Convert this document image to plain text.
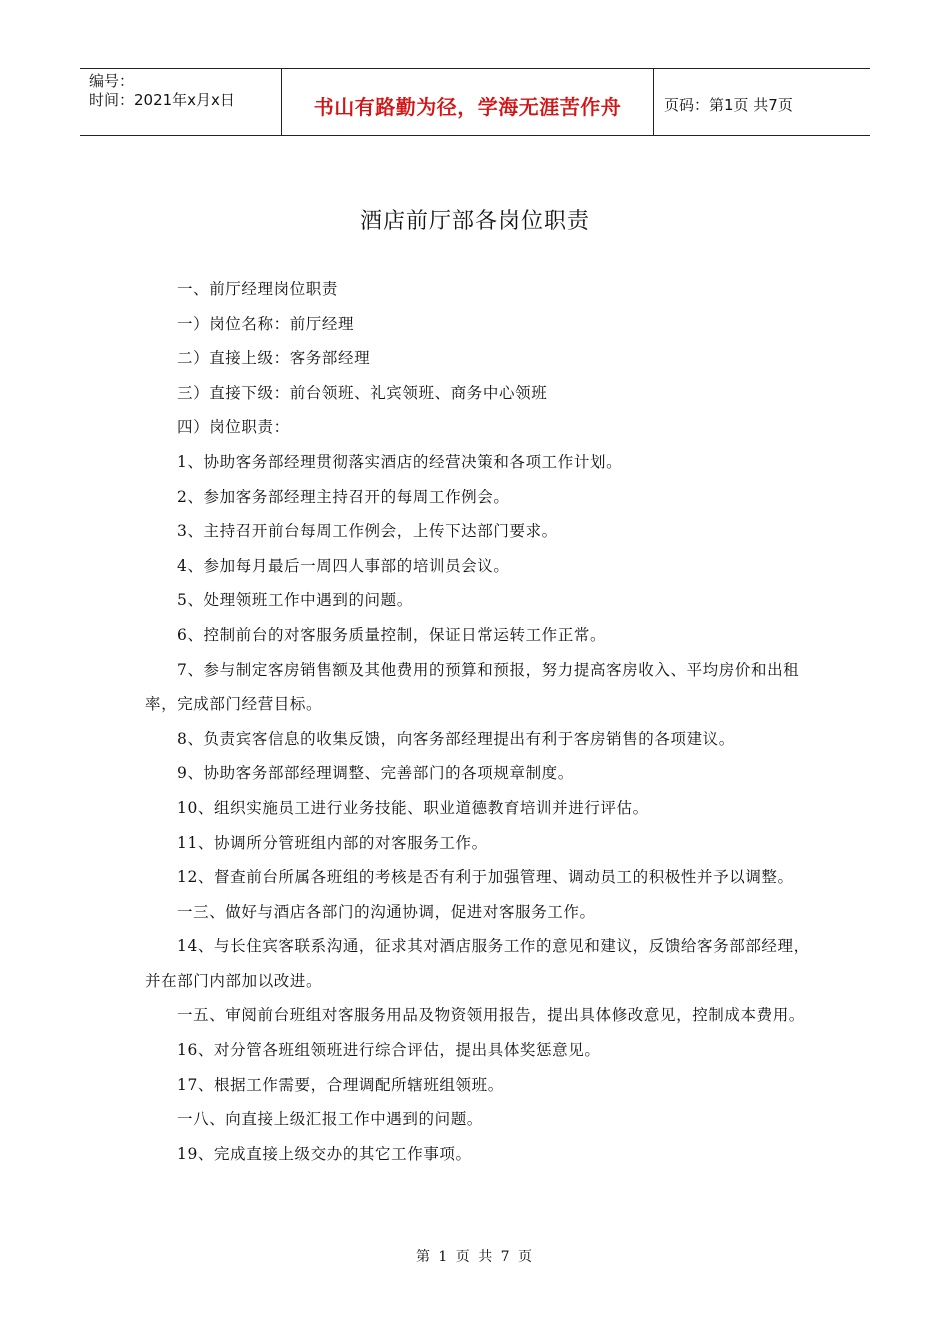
编号：
时间：2021年x月x日	书山有路勤为径，学海无涯苦作舟	页码：第1页 共7页
酒店前厅部各岗位职责

一、前厅经理岗位职责

一）岗位名称：前厅经理

二）直接上级：客务部经理

三）直接下级：前台领班、礼宾领班、商务中心领班

四）岗位职责：

1、协助客务部经理贯彻落实酒店的经营决策和各项工作计划。

2、参加客务部经理主持召开的每周工作例会。

3、主持召开前台每周工作例会，上传下达部门要求。

4、参加每月最后一周四人事部的培训员会议。

5、处理领班工作中遇到的问题。

6、控制前台的对客服务质量控制，保证日常运转工作正常。

7、参与制定客房销售额及其他费用的预算和预报，努力提高客房收入、平均房价和出租率，完成部门经营目标。

8、负责宾客信息的收集反馈，向客务部经理提出有利于客房销售的各项建议。

9、协助客务部部经理调整、完善部门的各项规章制度。

10、组织实施员工进行业务技能、职业道德教育培训并进行评估。

11、协调所分管班组内部的对客服务工作。

12、督查前台所属各班组的考核是否有利于加强管理、调动员工的积极性并予以调整。

一三、做好与酒店各部门的沟通协调，促进对客服务工作。

14、与长住宾客联系沟通，征求其对酒店服务工作的意见和建议，反馈给客务部部经理，并在部门内部加以改进。

一五、审阅前台班组对客服务用品及物资领用报告，提出具体修改意见，控制成本费用。

16、对分管各班组领班进行综合评估，提出具体奖惩意见。

17、根据工作需要，合理调配所辖班组领班。

一八、向直接上级汇报工作中遇到的问题。

19、完成直接上级交办的其它工作事项。

第 1 页 共 7 页
